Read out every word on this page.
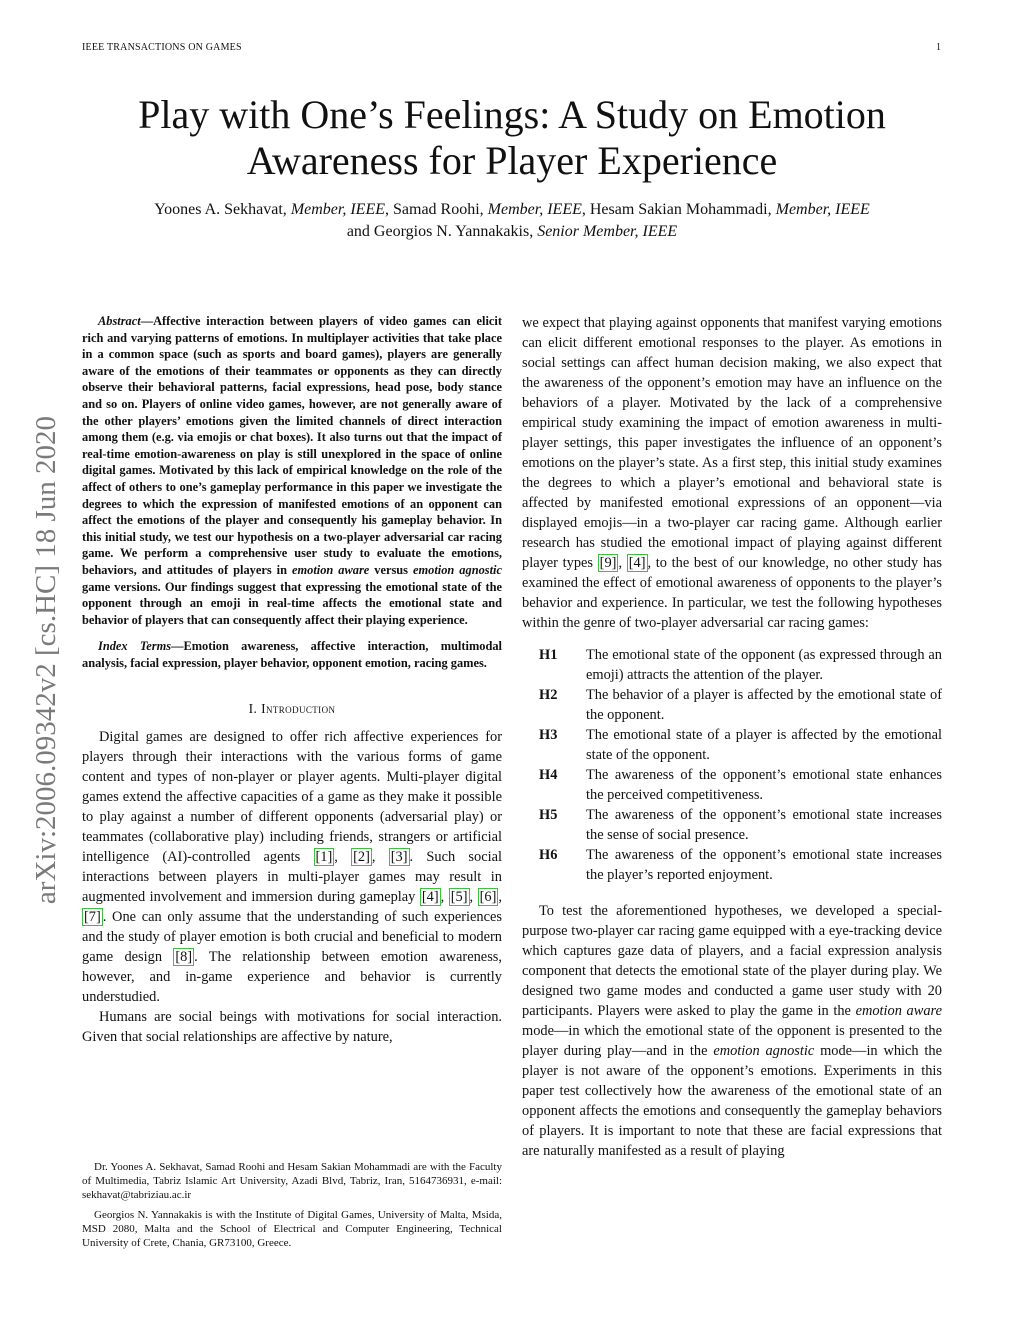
IEEE TRANSACTIONS ON GAMES	1
arXiv:2006.09342v2 [cs.HC] 18 Jun 2020
Play with One’s Feelings: A Study on Emotion Awareness for Player Experience
Yoones A. Sekhavat, Member, IEEE, Samad Roohi, Member, IEEE, Hesam Sakian Mohammadi, Member, IEEE
and Georgios N. Yannakakis, Senior Member, IEEE

Abstract—Affective interaction between players of video games can elicit rich and varying patterns of emotions. In multiplayer activities that take place in a common space (such as sports and board games), players are generally aware of the emotions of their teammates or opponents as they can directly observe their behavioral patterns, facial expressions, head pose, body stance and so on. Players of online video games, however, are not generally aware of the other players’ emotions given the limited channels of direct interaction among them (e.g. via emojis or chat boxes). It also turns out that the impact of real-time emotion-awareness on play is still unexplored in the space of online digital games. Motivated by this lack of empirical knowledge on the role of the affect of others to one’s gameplay performance in this paper we investigate the degrees to which the expression of manifested emotions of an opponent can affect the emotions of the player and consequently his gameplay behavior. In this initial study, we test our hypothesis on a two-player adversarial car racing game. We perform a comprehensive user study to evaluate the emotions, behaviors, and attitudes of players in emotion aware versus emotion agnostic game versions. Our findings suggest that expressing the emotional state of the opponent through an emoji in real-time affects the emotional state and behavior of players that can consequently affect their playing experience.

Index Terms—Emotion awareness, affective interaction, multimodal analysis, facial expression, player behavior, opponent emotion, racing games.

I. Introduction

Digital games are designed to offer rich affective experiences for players through their interactions with the various forms of game content and types of non-player or player agents. Multi-player digital games extend the affective capacities of a game as they make it possible to play against a number of different opponents (adversarial play) or teammates (collaborative play) including friends, strangers or artificial intelligence (AI)-controlled agents [1] , [2] , [3] . Such social interactions between players in multi-player games may result in augmented involvement and immersion during gameplay [4] , [5] , [6] , [7] . One can only assume that the understanding of such experiences and the study of player emotion is both crucial and beneficial to modern game design [8] . The relationship between emotion awareness, however, and in-game experience and behavior is currently understudied.

Humans are social beings with motivations for social interaction. Given that social relationships are affective by nature,

Dr. Yoones A. Sekhavat, Samad Roohi and Hesam Sakian Mohammadi are with the Faculty of Multimedia, Tabriz Islamic Art University, Azadi Blvd, Tabriz, Iran, 5164736931, e-mail: sekhavat@tabriziau.ac.ir

Georgios N. Yannakakis is with the Institute of Digital Games, University of Malta, Msida, MSD 2080, Malta and the School of Electrical and Computer Engineering, Technical University of Crete, Chania, GR73100, Greece.

we expect that playing against opponents that manifest varying emotions can elicit different emotional responses to the player. As emotions in social settings can affect human decision making, we also expect that the awareness of the opponent’s emotion may have an influence on the behaviors of a player. Motivated by the lack of a comprehensive empirical study examining the impact of emotion awareness in multi-player settings, this paper investigates the influence of an opponent’s emotions on the player’s state. As a first step, this initial study examines the degrees to which a player’s emotional and behavioral state is affected by manifested emotional expressions of an opponent—via displayed emojis—in a two-player car racing game. Although earlier research has studied the emotional impact of playing against different player types [9] , [4] , to the best of our knowledge, no other study has examined the effect of emotional awareness of opponents to the player’s behavior and experience. In particular, we test the following hypotheses within the genre of two-player adversarial car racing games:

H1	The emotional state of the opponent (as expressed through an emoji) attracts the attention of the player.
H2	The behavior of a player is affected by the emotional state of the opponent.
H3	The emotional state of a player is affected by the emotional state of the opponent.
H4	The awareness of the opponent’s emotional state enhances the perceived competitiveness.
H5	The awareness of the opponent’s emotional state increases the sense of social presence.
H6	The awareness of the opponent’s emotional state increases the player’s reported enjoyment.

To test the aforementioned hypotheses, we developed a special-purpose two-player car racing game equipped with a eye-tracking device which captures gaze data of players, and a facial expression analysis component that detects the emotional state of the player during play. We designed two game modes and conducted a game user study with 20 participants. Players were asked to play the game in the emotion aware mode—in which the emotional state of the opponent is presented to the player during play—and in the emotion agnostic mode—in which the player is not aware of the opponent’s emotions. Experiments in this paper test collectively how the awareness of the emotional state of an opponent affects the emotions and consequently the gameplay behaviors of players. It is important to note that these are facial expressions that are naturally manifested as a result of playing
